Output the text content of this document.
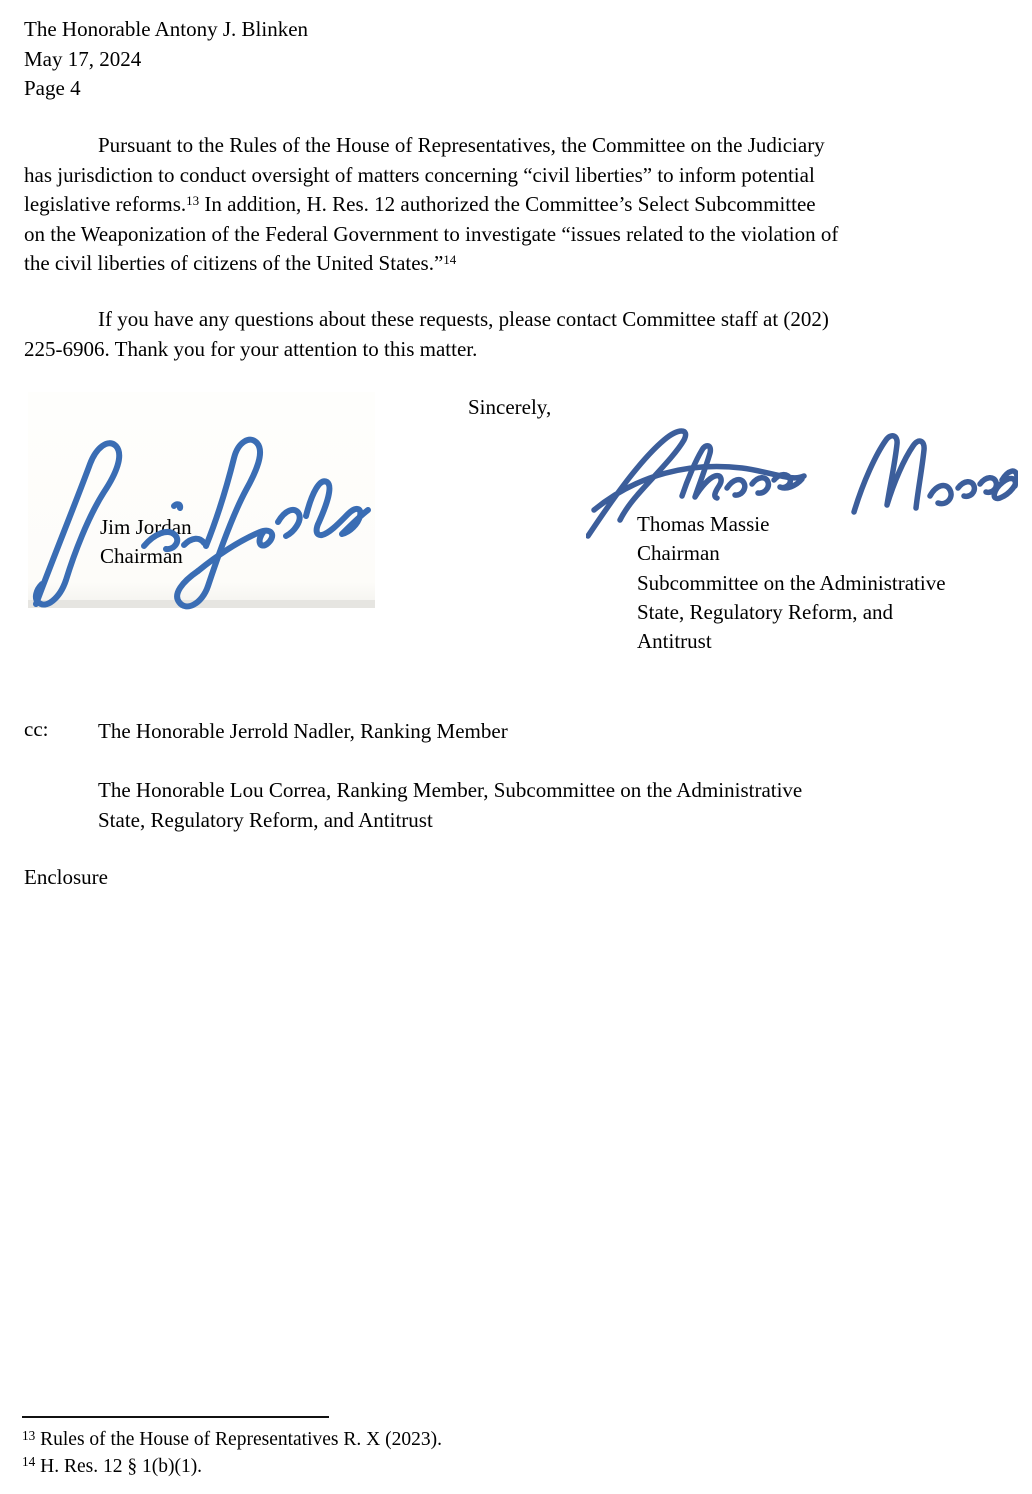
The Honorable Antony J. Blinken
May 17, 2024
Page 4
Pursuant to the Rules of the House of Representatives, the Committee on the Judiciary
has jurisdiction to conduct oversight of matters concerning “civil liberties” to inform potential
legislative reforms.$^{13}$ In addition, H. Res. 12 authorized the Committee’s Select Subcommittee
on the Weaponization of the Federal Government to investigate “issues related to the violation of
the civil liberties of citizens of the United States.”$^{14}$
If you have any questions about these requests, please contact Committee staff at (202)
225-6906. Thank you for your attention to this matter.
Sincerely,
Jim Jordan
Chairman
Thomas Massie
Chairman
Subcommittee on the Administrative
State, Regulatory Reform, and
Antitrust
cc: The Honorable Jerrold Nadler, Ranking Member
The Honorable Lou Correa, Ranking Member, Subcommittee on the Administrative
State, Regulatory Reform, and Antitrust
Enclosure
$^{13}$ Rules of the House of Representatives R. X (2023).
$^{14}$ H. Res. 12 § 1(b)(1).
